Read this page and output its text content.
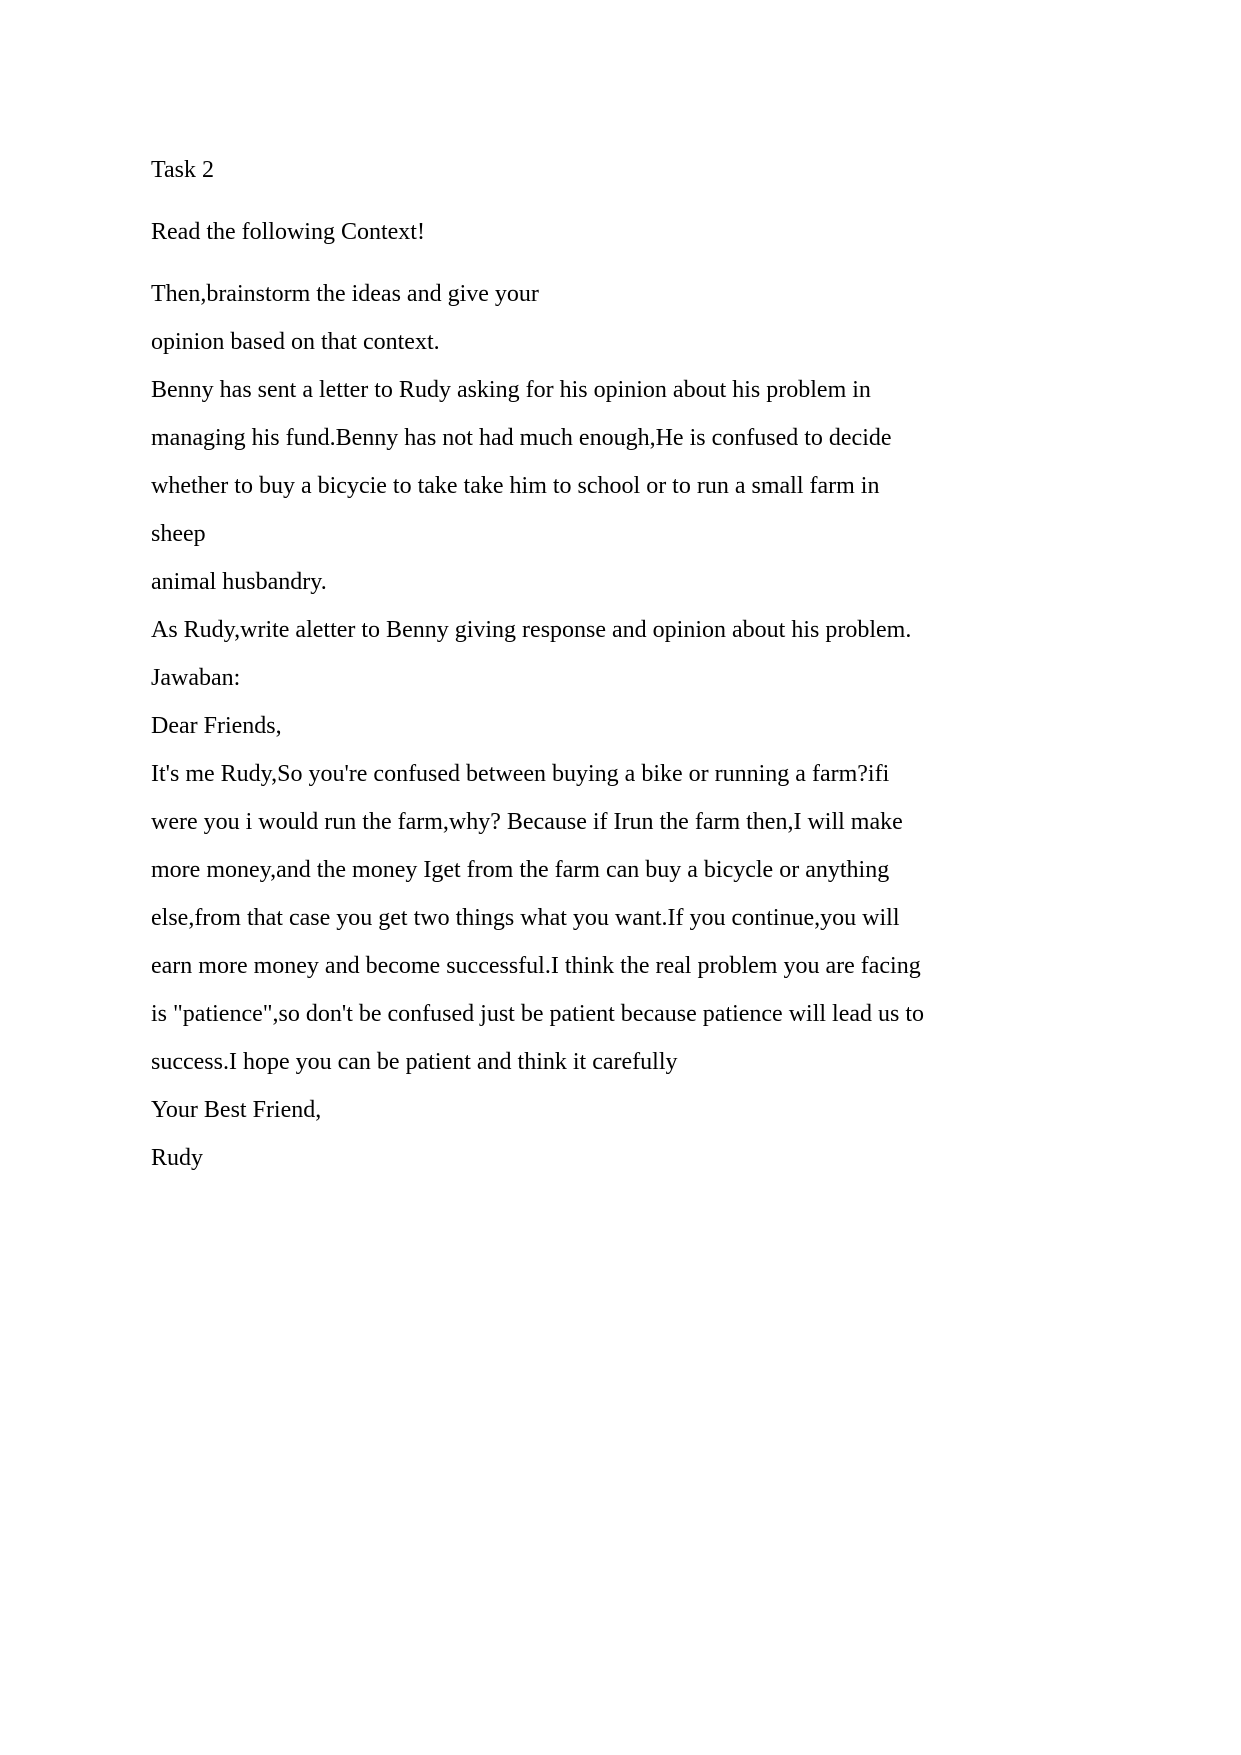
Task 2
Read the following Context!
Then,brainstorm the ideas and give your
opinion based on that context.
Benny has sent a letter to Rudy asking for his opinion about his problem in
managing his fund.Benny has not had much enough,He is confused to decide
whether to buy a bicycie to take take him to school or to run a small farm in
sheep
animal husbandry.
As Rudy,write aletter to Benny giving response and opinion about his problem.
Jawaban:
Dear Friends,
It's me Rudy,So you're confused between buying a bike or running a farm?ifi
were you i would run the farm,why? Because if Irun the farm then,I will make
more money,and the money Iget from the farm can buy a bicycle or anything
else,from that case you get two things what you want.If you continue,you will
earn more money and become successful.I think the real problem you are facing
is "patience",so don't be confused just be patient because patience will lead us to
success.I hope you can be patient and think it carefully
Your Best Friend,
Rudy
